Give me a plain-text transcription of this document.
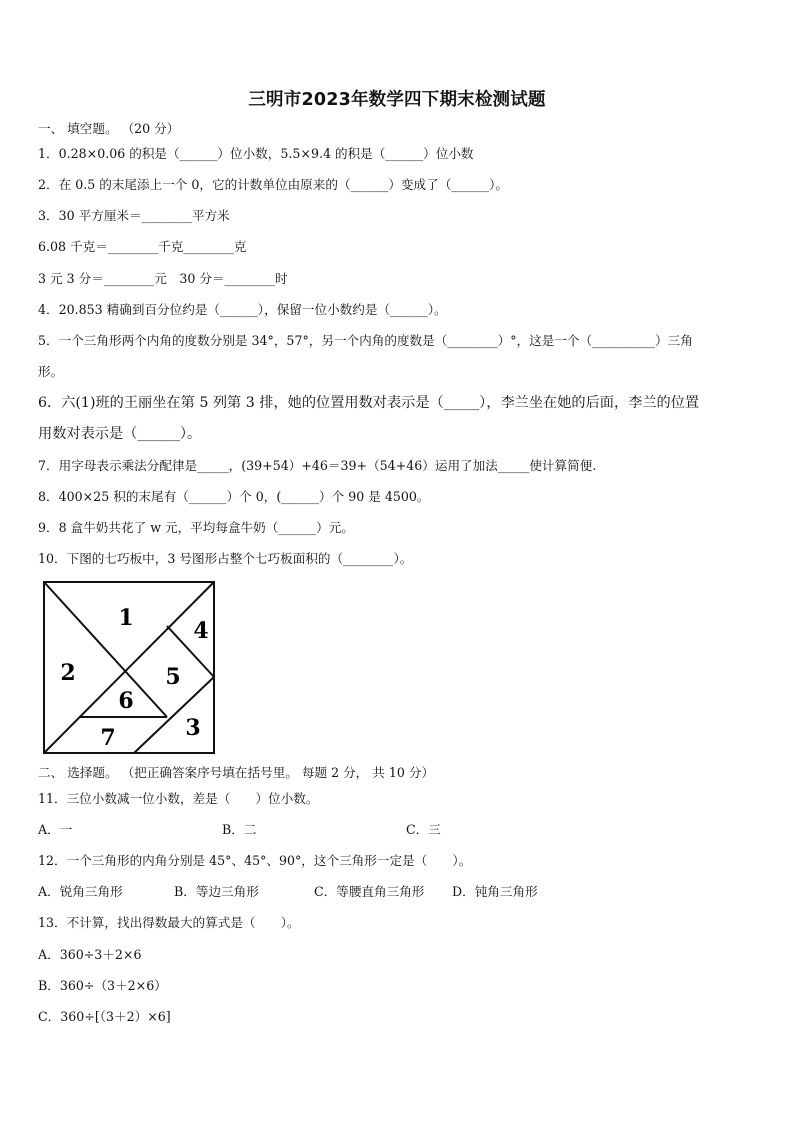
三明市2023年数学四下期末检测试题
一、 填空题。 （20 分）
1．0.28×0.06 的积是（______）位小数，5.5×9.4 的积是（______）位小数
2．在 0.5 的末尾添上一个 0，它的计数单位由原来的（______）变成了（______）。
3．30 平方厘米＝________平方米
6.08 千克＝________千克________克
3 元 3 分＝________元　30 分＝________时
4．20.853 精确到百分位约是（______），保留一位小数约是（______）。
5．一个三角形两个内角的度数分别是 34°，57°，另一个内角的度数是（________）°，这是一个（__________）三角
形。
6．六(1)班的王丽坐在第 5 列第 3 排，她的位置用数对表示是（_____），李兰坐在她的后面，李兰的位置
用数对表示是（______）。
7．用字母表示乘法分配律是_____，(39+54）+46＝39+（54+46）运用了加法_____使计算简便.
8．400×25 积的末尾有（______）个 0，(______）个 90 是 4500。
9．8 盒牛奶共花了 w 元，平均每盒牛奶（______）元。
10．下图的七巧板中，3 号图形占整个七巧板面积的（________）。
1
2
3
4
5
6
7
二、 选择题。 （把正确答案序号填在括号里。 每题 2 分， 共 10 分）
11．三位小数减一位小数，差是（　　）位小数。
A．一	B．二	C．三
12．一个三角形的内角分别是 45°、45°、90°，这个三角形一定是（　　）。
A．锐角三角形	B．等边三角形	C．等腰直角三角形 D．钝角三角形
13．不计算，找出得数最大的算式是（　　）。
A．360÷3＋2×6
B．360÷（3＋2×6）
C．360÷[（3＋2）×6]
